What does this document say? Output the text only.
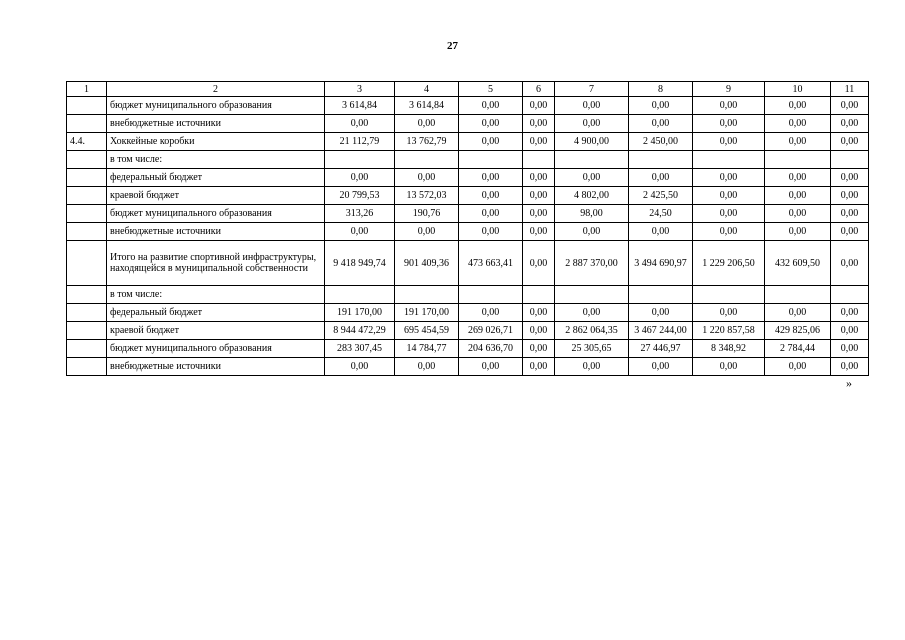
27
1	2	3	4	5	6	7	8	9	10	11
	бюджет муниципального образования	3 614,84	3 614,84	0,00	0,00	0,00	0,00	0,00	0,00	0,00
	внебюджетные источники	0,00	0,00	0,00	0,00	0,00	0,00	0,00	0,00	0,00
4.4.	Хоккейные коробки	21 112,79	13 762,79	0,00	0,00	4 900,00	2 450,00	0,00	0,00	0,00
	в том числе:									
	федеральный бюджет	0,00	0,00	0,00	0,00	0,00	0,00	0,00	0,00	0,00
	краевой бюджет	20 799,53	13 572,03	0,00	0,00	4 802,00	2 425,50	0,00	0,00	0,00
	бюджет муниципального образования	313,26	190,76	0,00	0,00	98,00	24,50	0,00	0,00	0,00
	внебюджетные источники	0,00	0,00	0,00	0,00	0,00	0,00	0,00	0,00	0,00
	Итого на развитие спортивной инфраструктуры, находящейся в муниципальной собственности	9 418 949,74	901 409,36	473 663,41	0,00	2 887 370,00	3 494 690,97	1 229 206,50	432 609,50	0,00
	в том числе:									
	федеральный бюджет	191 170,00	191 170,00	0,00	0,00	0,00	0,00	0,00	0,00	0,00
	краевой бюджет	8 944 472,29	695 454,59	269 026,71	0,00	2 862 064,35	3 467 244,00	1 220 857,58	429 825,06	0,00
	бюджет муниципального образования	283 307,45	14 784,77	204 636,70	0,00	25 305,65	27 446,97	8 348,92	2 784,44	0,00
	внебюджетные источники	0,00	0,00	0,00	0,00	0,00	0,00	0,00	0,00	0,00
»
